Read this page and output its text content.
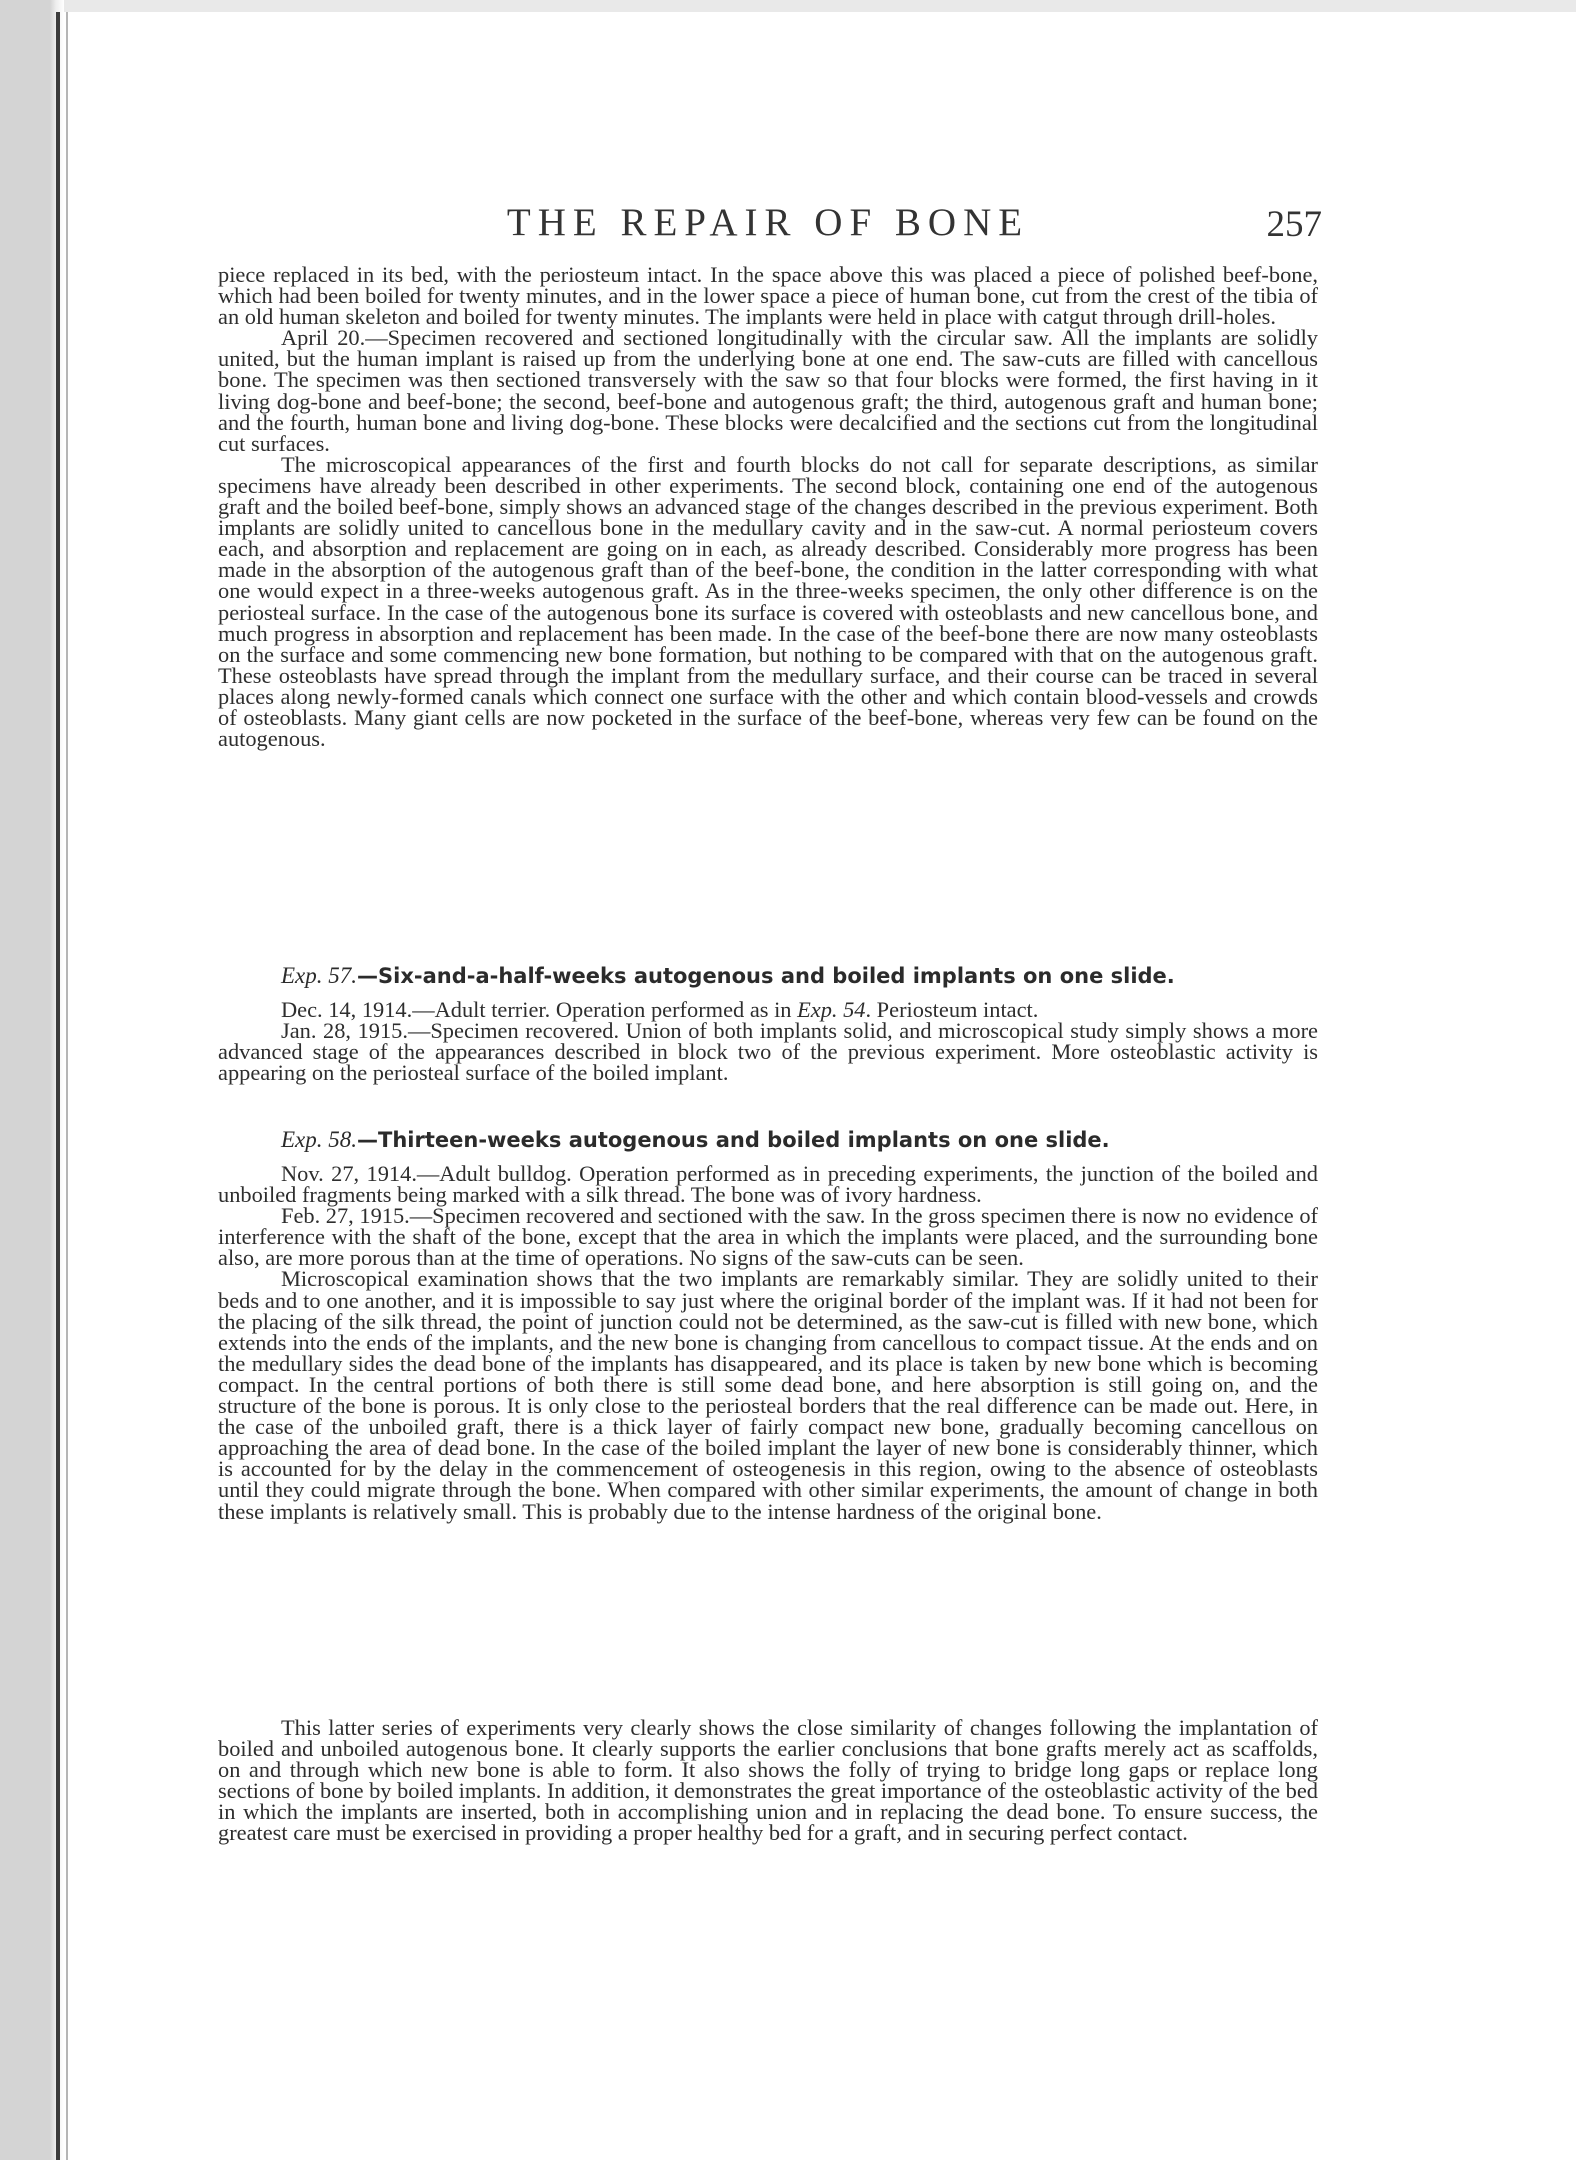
THE REPAIR OF BONE	257

piece replaced in its bed, with the periosteum intact. In the space above this was placed a piece of polished beef-bone, which had been boiled for twenty minutes, and in the lower space a piece of human bone, cut from the crest of the tibia of an old human skeleton and boiled for twenty minutes. The implants were held in place with catgut through drill-holes.

April 20.—Specimen recovered and sectioned longitudinally with the circular saw. All the implants are solidly united, but the human implant is raised up from the underlying bone at one end. The saw-cuts are filled with cancellous bone. The specimen was then sectioned transversely with the saw so that four blocks were formed, the first having in it living dog-bone and beef-bone; the second, beef-bone and autogenous graft; the third, autogenous graft and human bone; and the fourth, human bone and living dog-bone. These blocks were decalcified and the sections cut from the longitudinal cut surfaces.

The microscopical appearances of the first and fourth blocks do not call for separate descriptions, as similar specimens have already been described in other experiments. The second block, containing one end of the autogenous graft and the boiled beef-bone, simply shows an advanced stage of the changes described in the previous experiment. Both implants are solidly united to cancellous bone in the medullary cavity and in the saw-cut. A normal periosteum covers each, and absorption and replacement are going on in each, as already described. Considerably more progress has been made in the absorption of the autogenous graft than of the beef-bone, the condition in the latter corresponding with what one would expect in a three-weeks autogenous graft. As in the three-weeks specimen, the only other difference is on the periosteal surface. In the case of the autogenous bone its surface is covered with osteoblasts and new cancellous bone, and much progress in absorption and replacement has been made. In the case of the beef-bone there are now many osteoblasts on the surface and some commencing new bone formation, but nothing to be compared with that on the autogenous graft. These osteoblasts have spread through the implant from the medullary surface, and their course can be traced in several places along newly-formed canals which connect one surface with the other and which contain blood-vessels and crowds of osteoblasts. Many giant cells are now pocketed in the surface of the beef-bone, whereas very few can be found on the autogenous.

Exp. 57.—Six-and-a-half-weeks autogenous and boiled implants on one slide.

Dec. 14, 1914.—Adult terrier. Operation performed as in Exp. 54. Periosteum intact.

Jan. 28, 1915.—Specimen recovered. Union of both implants solid, and microscopical study simply shows a more advanced stage of the appearances described in block two of the previous experiment. More osteoblastic activity is appearing on the periosteal surface of the boiled implant.

Exp. 58.—Thirteen-weeks autogenous and boiled implants on one slide.

Nov. 27, 1914.—Adult bulldog. Operation performed as in preceding experiments, the junction of the boiled and unboiled fragments being marked with a silk thread. The bone was of ivory hardness.

Feb. 27, 1915.—Specimen recovered and sectioned with the saw. In the gross specimen there is now no evidence of interference with the shaft of the bone, except that the area in which the implants were placed, and the surrounding bone also, are more porous than at the time of operations. No signs of the saw-cuts can be seen.

Microscopical examination shows that the two implants are remarkably similar. They are solidly united to their beds and to one another, and it is impossible to say just where the original border of the implant was. If it had not been for the placing of the silk thread, the point of junction could not be determined, as the saw-cut is filled with new bone, which extends into the ends of the implants, and the new bone is changing from cancellous to compact tissue. At the ends and on the medullary sides the dead bone of the implants has disappeared, and its place is taken by new bone which is becoming compact. In the central portions of both there is still some dead bone, and here absorption is still going on, and the structure of the bone is porous. It is only close to the periosteal borders that the real difference can be made out. Here, in the case of the unboiled graft, there is a thick layer of fairly compact new bone, gradually becoming cancellous on approaching the area of dead bone. In the case of the boiled implant the layer of new bone is considerably thinner, which is accounted for by the delay in the commencement of osteogenesis in this region, owing to the absence of osteoblasts until they could migrate through the bone. When compared with other similar experiments, the amount of change in both these implants is relatively small. This is probably due to the intense hardness of the original bone.

This latter series of experiments very clearly shows the close similarity of changes following the implantation of boiled and unboiled autogenous bone. It clearly supports the earlier conclusions that bone grafts merely act as scaffolds, on and through which new bone is able to form. It also shows the folly of trying to bridge long gaps or replace long sections of bone by boiled implants. In addition, it demonstrates the great importance of the osteoblastic activity of the bed in which the implants are inserted, both in accomplishing union and in replacing the dead bone. To ensure success, the greatest care must be exercised in providing a proper healthy bed for a graft, and in securing perfect contact.
